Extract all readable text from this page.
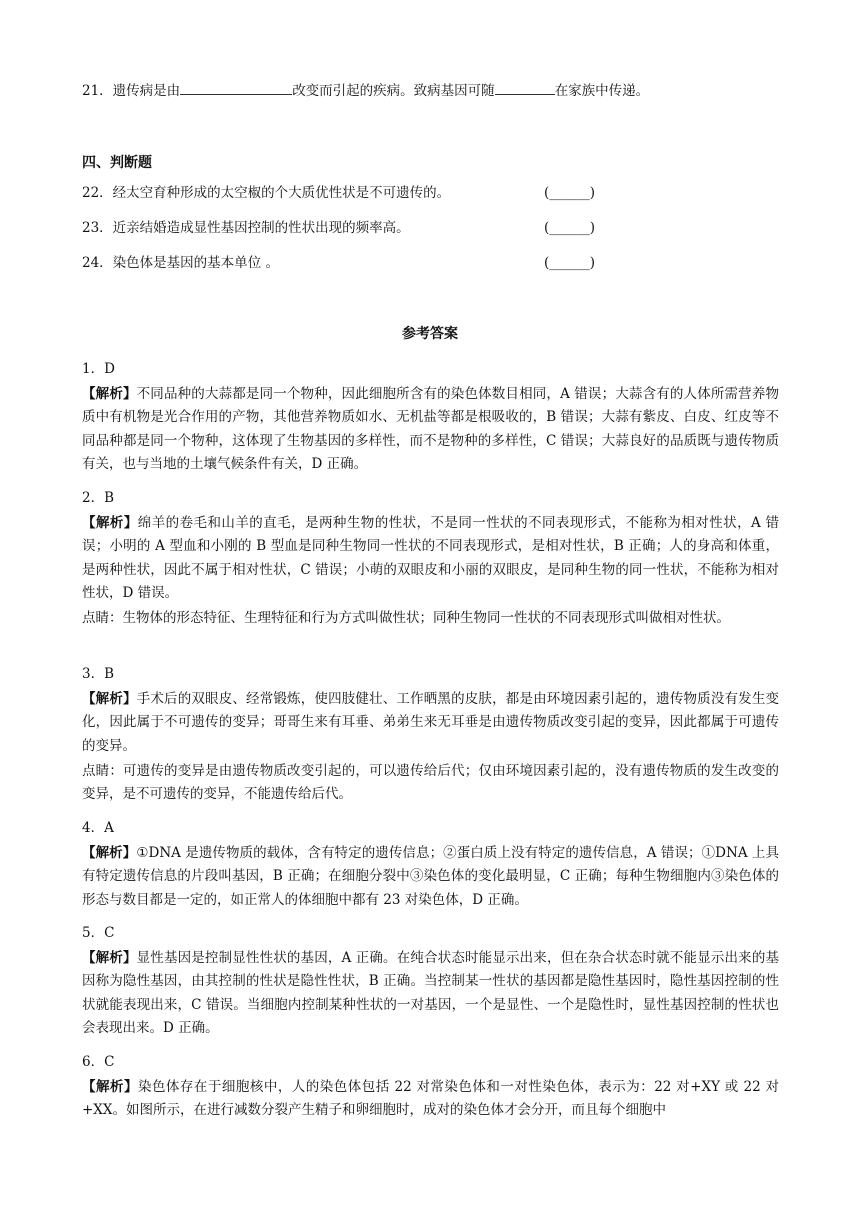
21．遗传病是由	改变而引起的疾病。致病基因可随	在家族中传递。
四、判断题
22．经太空育种形成的太空椒的个大质优性状是不可遗传的。	(______)
23．近亲结婚造成显性基因控制的性状出现的频率高。	(______)
24．染色体是基因的基本单位 。	(______)
参考答案
1．D
【解析】不同品种的大蒜都是同一个物种，因此细胞所含有的染色体数目相同，A 错误；大蒜含有的人体所需营养物质中有机物是光合作用的产物，其他营养物质如水、无机盐等都是根吸收的，B 错误；大蒜有紫皮、白皮、红皮等不同品种都是同一个物种，这体现了生物基因的多样性，而不是物种的多样性，C 错误；大蒜良好的品质既与遗传物质有关，也与当地的土壤气候条件有关，D 正确。
2．B
【解析】绵羊的卷毛和山羊的直毛，是两种生物的性状，不是同一性状的不同表现形式，不能称为相对性状，A 错误；小明的 A 型血和小刚的 B 型血是同种生物同一性状的不同表现形式，是相对性状，B 正确；人的身高和体重，是两种性状，因此不属于相对性状，C 错误；小萌的双眼皮和小丽的双眼皮，是同种生物的同一性状，不能称为相对性状，D 错误。
点睛：生物体的形态特征、生理特征和行为方式叫做性状；同种生物同一性状的不同表现形式叫做相对性状。
3．B
【解析】手术后的双眼皮、经常锻炼，使四肢健壮、工作晒黑的皮肤，都是由环境因素引起的，遗传物质没有发生变化，因此属于不可遗传的变异；哥哥生来有耳垂、弟弟生来无耳垂是由遗传物质改变引起的变异，因此都属于可遗传的变异。
点睛：可遗传的变异是由遗传物质改变引起的，可以遗传给后代；仅由环境因素引起的，没有遗传物质的发生改变的变异，是不可遗传的变异，不能遗传给后代。
4．A
【解析】①DNA 是遗传物质的载体，含有特定的遗传信息；②蛋白质上没有特定的遗传信息，A 错误；①DNA 上具有特定遗传信息的片段叫基因，B 正确；在细胞分裂中③染色体的变化最明显，C 正确；每种生物细胞内③染色体的形态与数目都是一定的，如正常人的体细胞中都有 23 对染色体，D 正确。
5．C
【解析】显性基因是控制显性性状的基因，A 正确。在纯合状态时能显示出来，但在杂合状态时就不能显示出来的基因称为隐性基因，由其控制的性状是隐性性状，B 正确。当控制某一性状的基因都是隐性基因时，隐性基因控制的性状就能表现出来，C 错误。当细胞内控制某种性状的一对基因，一个是显性、一个是隐性时，显性基因控制的性状也会表现出来。D 正确。
6．C
【解析】染色体存在于细胞核中，人的染色体包括 22 对常染色体和一对性染色体，表示为：22 对+XY 或 22 对+XX。如图所示，在进行减数分裂产生精子和卵细胞时，成对的染色体才会分开，而且每个细胞中
